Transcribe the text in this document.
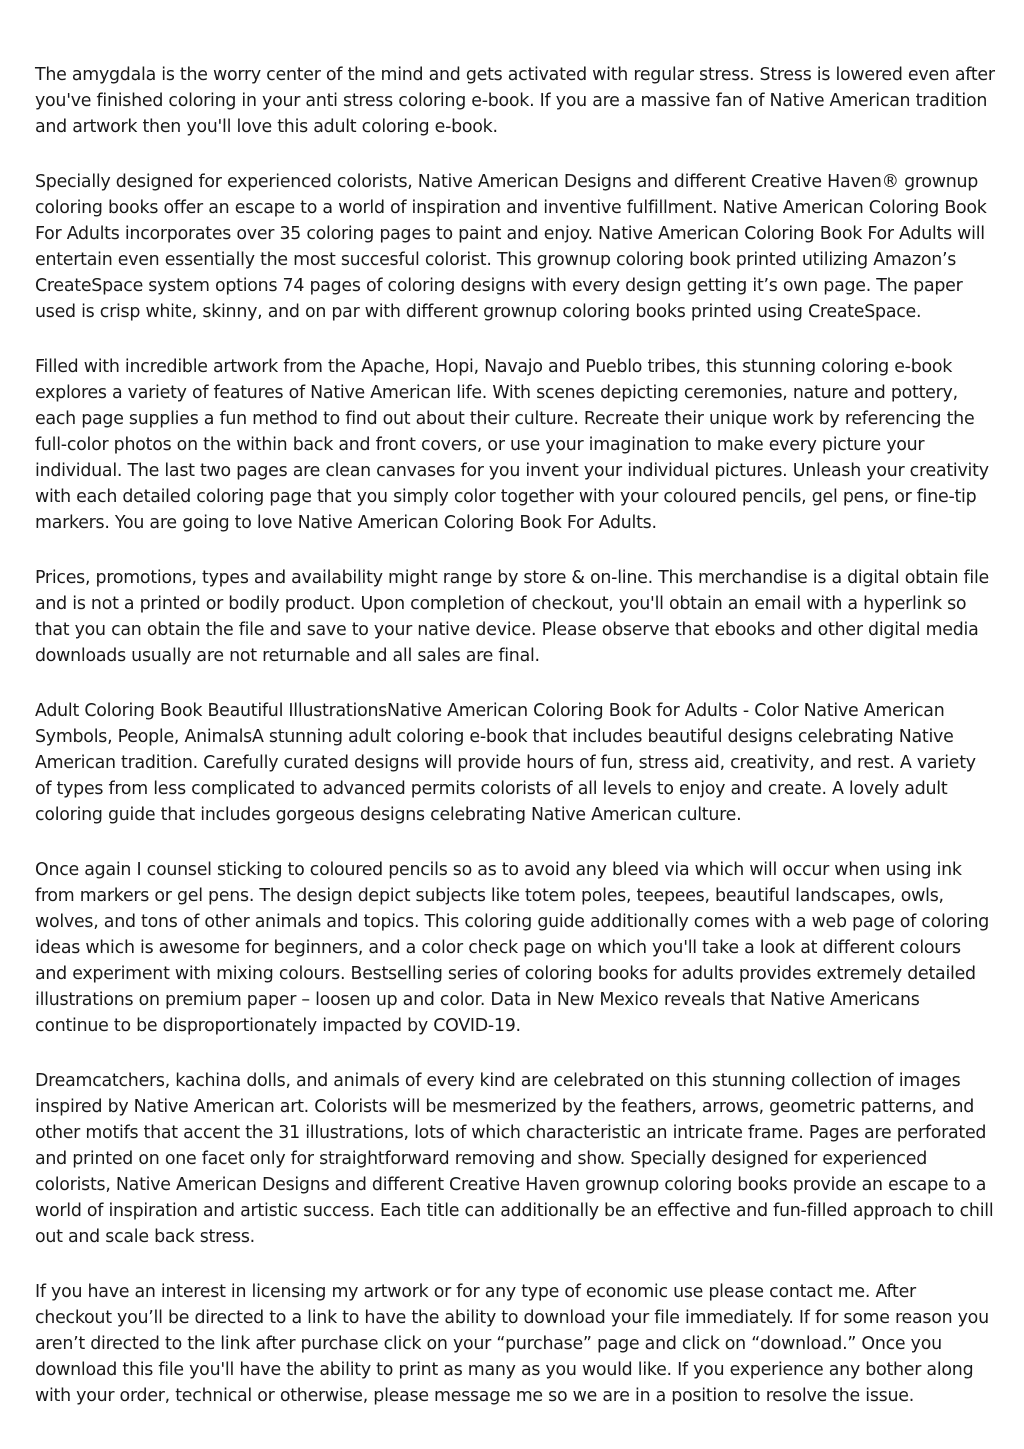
The amygdala is the worry center of the mind and gets activated with regular stress. Stress is lowered even after you've finished coloring in your anti stress coloring e-book. If you are a massive fan of Native American tradition and artwork then you'll love this adult coloring e-book.

Specially designed for experienced colorists, Native American Designs and different Creative Haven® grownup coloring books offer an escape to a world of inspiration and inventive fulfillment. Native American Coloring Book For Adults incorporates over 35 coloring pages to paint and enjoy. Native American Coloring Book For Adults will entertain even essentially the most succesful colorist. This grownup coloring book printed utilizing Amazon’s CreateSpace system options 74 pages of coloring designs with every design getting it’s own page. The paper used is crisp white, skinny, and on par with different grownup coloring books printed using CreateSpace.

Filled with incredible artwork from the Apache, Hopi, Navajo and Pueblo tribes, this stunning coloring e-book explores a variety of features of Native American life. With scenes depicting ceremonies, nature and pottery, each page supplies a fun method to find out about their culture. Recreate their unique work by referencing the full-color photos on the within back and front covers, or use your imagination to make every picture your individual. The last two pages are clean canvases for you invent your individual pictures. Unleash your creativity with each detailed coloring page that you simply color together with your coloured pencils, gel pens, or fine-tip markers. You are going to love Native American Coloring Book For Adults.

Prices, promotions, types and availability might range by store & on-line. This merchandise is a digital obtain file and is not a printed or bodily product. Upon completion of checkout, you'll obtain an email with a hyperlink so that you can obtain the file and save to your native device. Please observe that ebooks and other digital media downloads usually are not returnable and all sales are final.

Adult Coloring Book Beautiful IllustrationsNative American Coloring Book for Adults - Color Native American Symbols, People, AnimalsA stunning adult coloring e-book that includes beautiful designs celebrating Native American tradition. Carefully curated designs will provide hours of fun, stress aid, creativity, and rest. A variety of types from less complicated to advanced permits colorists of all levels to enjoy and create. A lovely adult coloring guide that includes gorgeous designs celebrating Native American culture.

Once again I counsel sticking to coloured pencils so as to avoid any bleed via which will occur when using ink from markers or gel pens. The design depict subjects like totem poles, teepees, beautiful landscapes, owls, wolves, and tons of other animals and topics. This coloring guide additionally comes with a web page of coloring ideas which is awesome for beginners, and a color check page on which you'll take a look at different colours and experiment with mixing colours. Bestselling series of coloring books for adults provides extremely detailed illustrations on premium paper – loosen up and color. Data in New Mexico reveals that Native Americans continue to be disproportionately impacted by COVID-19.

Dreamcatchers, kachina dolls, and animals of every kind are celebrated on this stunning collection of images inspired by Native American art. Colorists will be mesmerized by the feathers, arrows, geometric patterns, and other motifs that accent the 31 illustrations, lots of which characteristic an intricate frame. Pages are perforated and printed on one facet only for straightforward removing and show. Specially designed for experienced colorists, Native American Designs and different Creative Haven grownup coloring books provide an escape to a world of inspiration and artistic success. Each title can additionally be an effective and fun-filled approach to chill out and scale back stress.

If you have an interest in licensing my artwork or for any type of economic use please contact me. After checkout you’ll be directed to a link to have the ability to download your file immediately. If for some reason you aren’t directed to the link after purchase click on your “purchase” page and click on “download.” Once you download this file you'll have the ability to print as many as you would like. If you experience any bother along with your order, technical or otherwise, please message me so we are in a position to resolve the issue.
